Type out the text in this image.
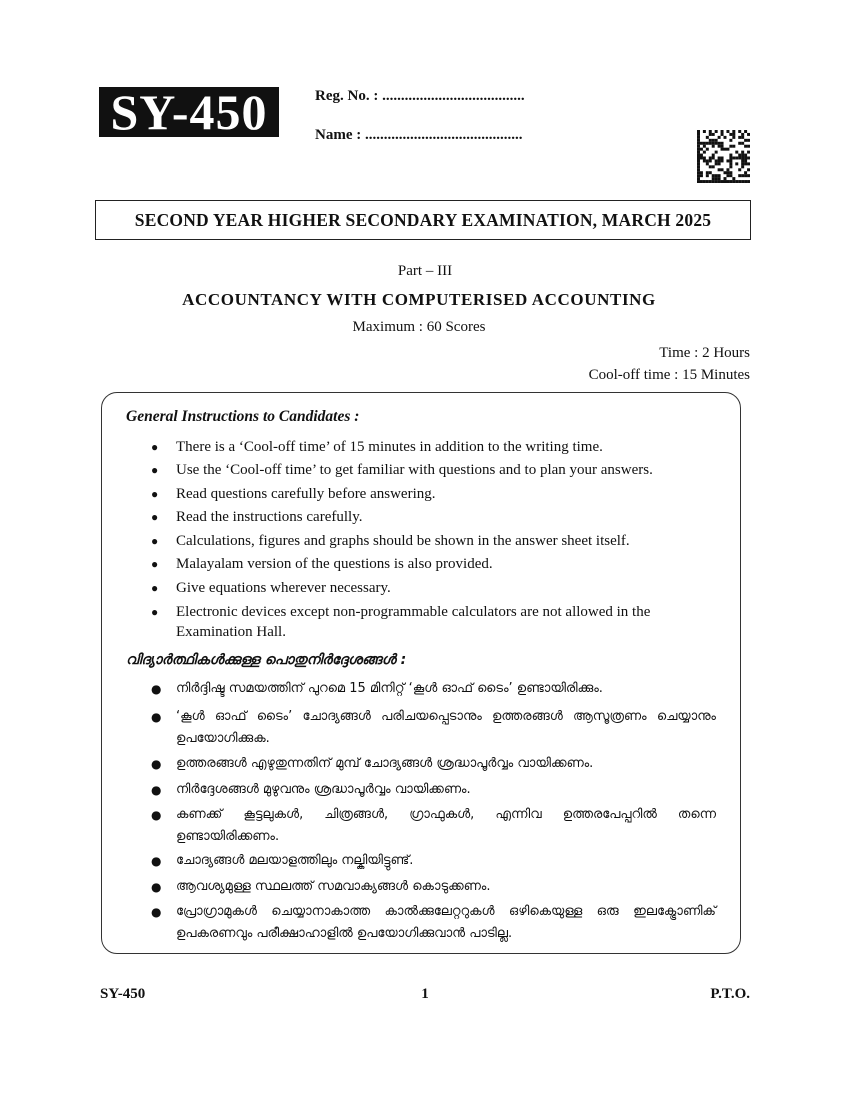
SY-450	Reg. No. : ......................................
Name : ..........................................
SECOND YEAR HIGHER SECONDARY EXAMINATION, MARCH 2025
Part – III
ACCOUNTANCY WITH COMPUTERISED ACCOUNTING
Maximum : 60 Scores
Time : 2 Hours
Cool-off time : 15 Minutes
General Instructions to Candidates :
● There is a ‘Cool-off time’ of 15 minutes in addition to the writing time.
● Use the ‘Cool-off time’ to get familiar with questions and to plan your answers.
● Read questions carefully before answering.
● Read the instructions carefully.
● Calculations, figures and graphs should be shown in the answer sheet itself.
● Malayalam version of the questions is also provided.
● Give equations wherever necessary.
● Electronic devices except non-programmable calculators are not allowed in the Examination Hall.
വിദ്യാർത്ഥികൾക്കുള്ള പൊതുനിർദ്ദേശങ്ങൾ :
● നിർദ്ദിഷ്ട സമയത്തിന് പുറമെ 15 മിനിറ്റ് ‘കൂൾ ഓഫ് ടൈം’ ഉണ്ടായിരിക്കും.
● ‘കൂൾ ഓഫ് ടൈം’ ചോദ്യങ്ങൾ പരിചയപ്പെടാനും ഉത്തരങ്ങൾ ആസൂത്രണം ചെയ്യാനും ഉപയോഗിക്കുക.
● ഉത്തരങ്ങൾ എഴുതുന്നതിന് മുമ്പ് ചോദ്യങ്ങൾ ശ്രദ്ധാപൂർവ്വം വായിക്കണം.
● നിർദ്ദേശങ്ങൾ മുഴുവനും ശ്രദ്ധാപൂർവ്വം വായിക്കണം.
● കണക്ക് കൂട്ടലുകൾ, ചിത്രങ്ങൾ, ഗ്രാഫുകൾ, എന്നിവ ഉത്തരപേപ്പറിൽ തന്നെ ഉണ്ടായിരിക്കണം.
● ചോദ്യങ്ങൾ മലയാളത്തിലും നല്കിയിട്ടുണ്ട്.
● ആവശ്യമുള്ള സ്ഥലത്ത് സമവാക്യങ്ങൾ കൊടുക്കണം.
● പ്രോഗ്രാമുകൾ ചെയ്യാനാകാത്ത കാൽക്കുലേറ്ററുകൾ ഒഴികെയുള്ള ഒരു ഇലക്ട്രോണിക് ഉപകരണവും പരീക്ഷാഹാളിൽ ഉപയോഗിക്കുവാൻ പാടില്ല.
SY-450	1	P.T.O.
